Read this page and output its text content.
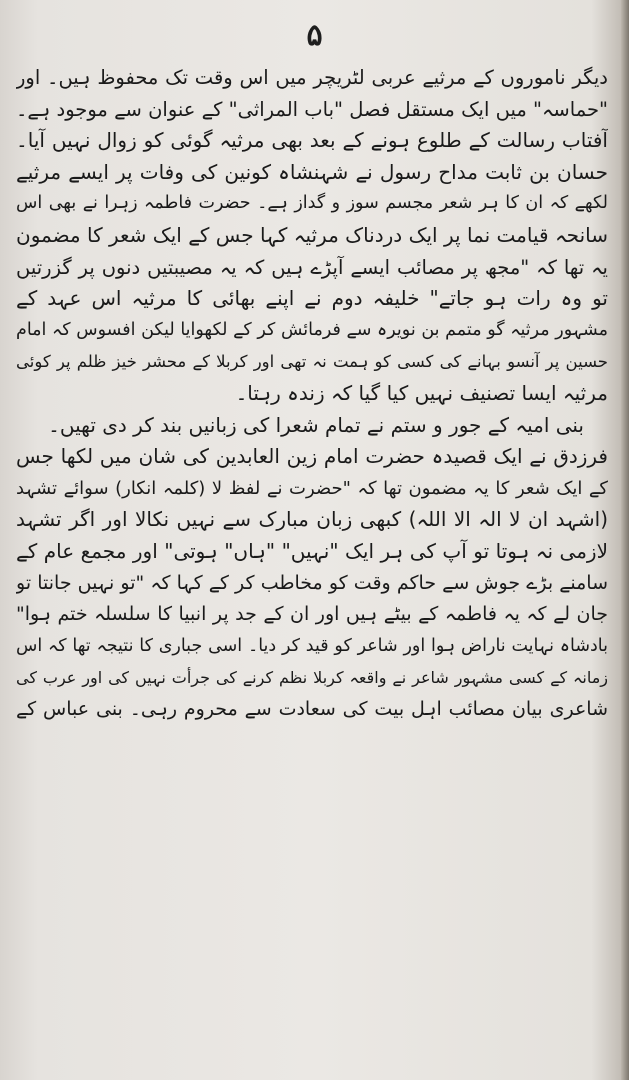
۵

دیگر ناموروں کے مرثیے عربی لٹریچر میں اس وقت تک محفوظ ہیں۔ اور
"حماسہ" میں ایک مستقل فصل "باب المراثی" کے عنوان سے موجود ہے۔
آفتاب رسالت کے طلوع ہونے کے بعد بھی مرثیہ گوئی کو زوال نہیں آیا۔
حسان بن ثابت مداح رسول نے شہنشاہ کونین کی وفات پر ایسے مرثیے
لکھے کہ ان کا ہر شعر مجسم سوز و گداز ہے۔ حضرت فاطمہ زہرا نے بھی اس
سانحہ قیامت نما پر ایک دردناک مرثیہ کہا جس کے ایک شعر کا مضمون
یہ تھا کہ "مجھ پر مصائب ایسے آپڑے ہیں کہ یہ مصیبتیں دنوں پر گزرتیں
تو وہ رات ہو جاتے" خلیفہ دوم نے اپنے بھائی کا مرثیہ اس عہد کے
مشہور مرثیہ گو متمم بن نویرہ سے فرمائش کر کے لکھوایا لیکن افسوس کہ امام
حسین پر آنسو بہانے کی کسی کو ہمت نہ تھی اور کربلا کے محشر خیز ظلم پر کوئی
مرثیہ ایسا تصنیف نہیں کیا گیا کہ زندہ رہتا۔
بنی امیہ کے جور و ستم نے تمام شعرا کی زبانیں بند کر دی تھیں۔
فرزدق نے ایک قصیدہ حضرت امام زین العابدین کی شان میں لکھا جس
کے ایک شعر کا یہ مضمون تھا کہ "حضرت نے لفظ لا (کلمہ انکار) سوائے تشہد
(اشہد ان لا الہ الا اللہ) کبھی زبان مبارک سے نہیں نکالا اور اگر تشہد
لازمی نہ ہوتا تو آپ کی ہر ایک "نہیں" "ہاں" ہوتی" اور مجمع عام کے
سامنے بڑے جوش سے حاکم وقت کو مخاطب کر کے کہا کہ "تو نہیں جانتا تو
جان لے کہ یہ فاطمہ کے بیٹے ہیں اور ان کے جد پر انبیا کا سلسلہ ختم ہوا"
بادشاہ نہایت ناراض ہوا اور شاعر کو قید کر دیا۔ اسی جباری کا نتیجہ تھا کہ اس
زمانہ کے کسی مشہور شاعر نے واقعہ کربلا نظم کرنے کی جرأت نہیں کی اور عرب کی
شاعری بیان مصائب اہل بیت کی سعادت سے محروم رہی۔ بنی عباس کے
